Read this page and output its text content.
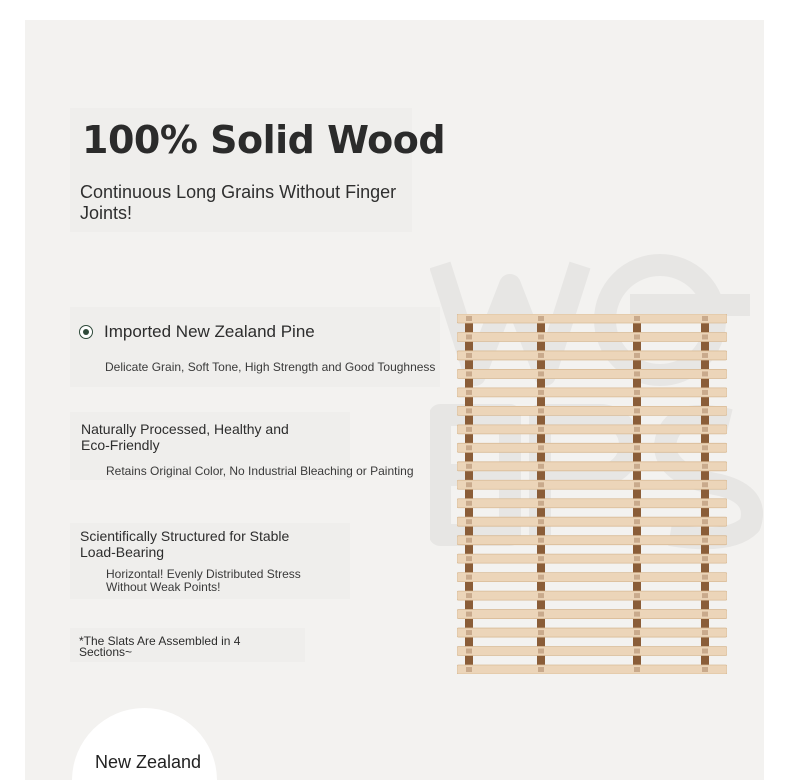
100% Solid Wood

Continuous Long Grains Without Finger Joints!

Imported New Zealand Pine

Delicate Grain, Soft Tone, High Strength and Good Toughness

Naturally Processed, Healthy and Eco-Friendly

Retains Original Color, No Industrial Bleaching or Painting

Scientifically Structured for Stable Load-Bearing

Horizontal! Evenly Distributed Stress Without Weak Points!

*The Slats Are Assembled in 4 Sections~

New Zealand
